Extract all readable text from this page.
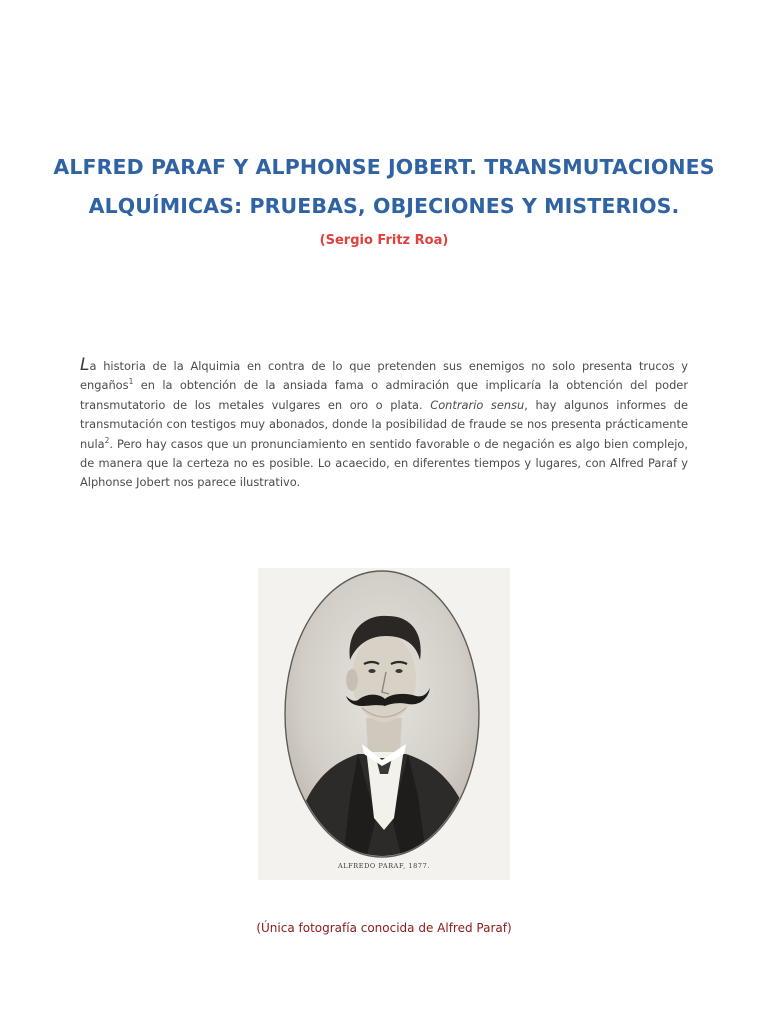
ALFRED PARAF Y ALPHONSE JOBERT. TRANSMUTACIONES
ALQUÍMICAS: PRUEBAS, OBJECIONES Y MISTERIOS.
(Sergio Fritz Roa)

La historia de la Alquimia en contra de lo que pretenden sus enemigos no solo presenta trucos y engaños$^1$ en la obtención de la ansiada fama o admiración que implicaría la obtención del poder transmutatorio de los metales vulgares en oro o plata. Contrario sensu, hay algunos informes de transmutación con testigos muy abonados, donde la posibilidad de fraude se nos presenta prácticamente nula$^2$. Pero hay casos que un pronunciamiento en sentido favorable o de negación es algo bien complejo, de manera que la certeza no es posible. Lo acaecido, en diferentes tiempos y lugares, con Alfred Paraf y Alphonse Jobert nos parece ilustrativo.

ALFREDO PARAF, 1877.
(Única fotografía conocida de Alfred Paraf)
